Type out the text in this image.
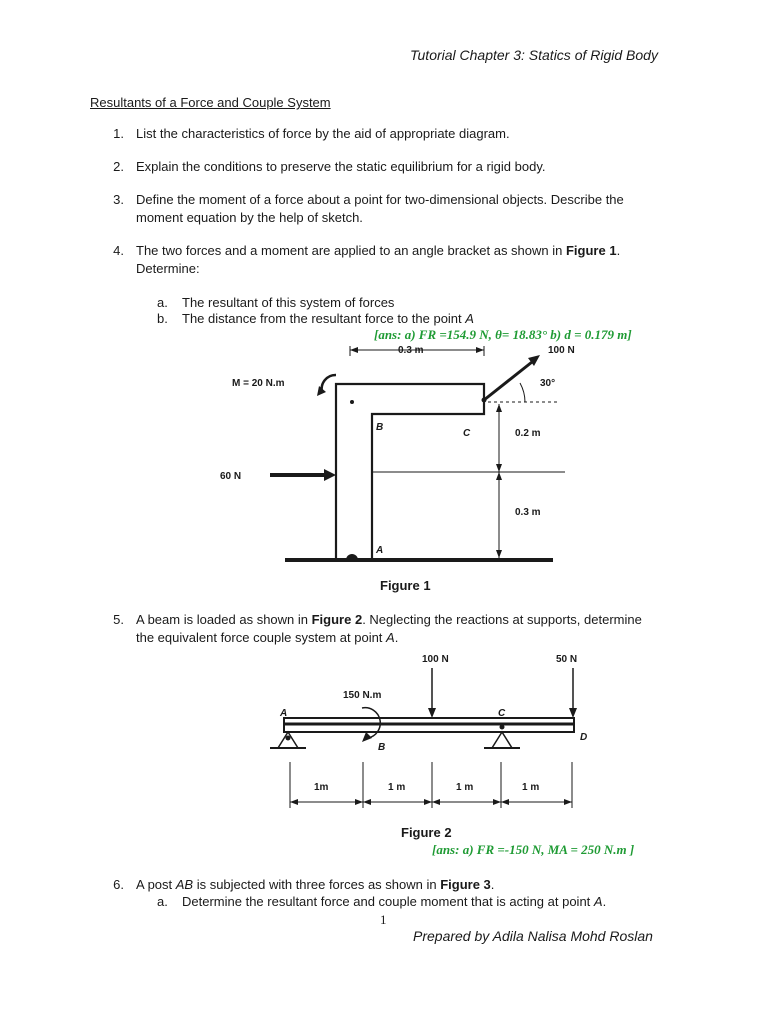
Tutorial Chapter 3: Statics of Rigid Body
Resultants of a Force and Couple System
1. List the characteristics of force by the aid of appropriate diagram.
2. Explain the conditions to preserve the static equilibrium for a rigid body.
3. Define the moment of a force about a point for two-dimensional objects. Describe the
moment equation by the help of sketch.
4. The two forces and a moment are applied to an angle bracket as shown in Figure 1.
Determine:
a. The resultant of this system of forces
b. The distance from the resultant force to the point A
[ans: a) FR =154.9 N, θ= 18.83° b) d = 0.179 m]
0.3 m	100 N
30°
M = 20 N.m
60 N
B
C
A
0.2 m
0.3 m
Figure 1
5. A beam is loaded as shown in Figure 2. Neglecting the reactions at supports, determine
the equivalent force couple system at point A.
100 N	50 N
150 N.m
A
B
C
D
1m	1 m	1 m	1 m
Figure 2
[ans: a) FR =-150 N, MA = 250 N.m ]
6. A post AB is subjected with three forces as shown in Figure 3.
a. Determine the resultant force and couple moment that is acting at point A.
1
Prepared by Adila Nalisa Mohd Roslan
